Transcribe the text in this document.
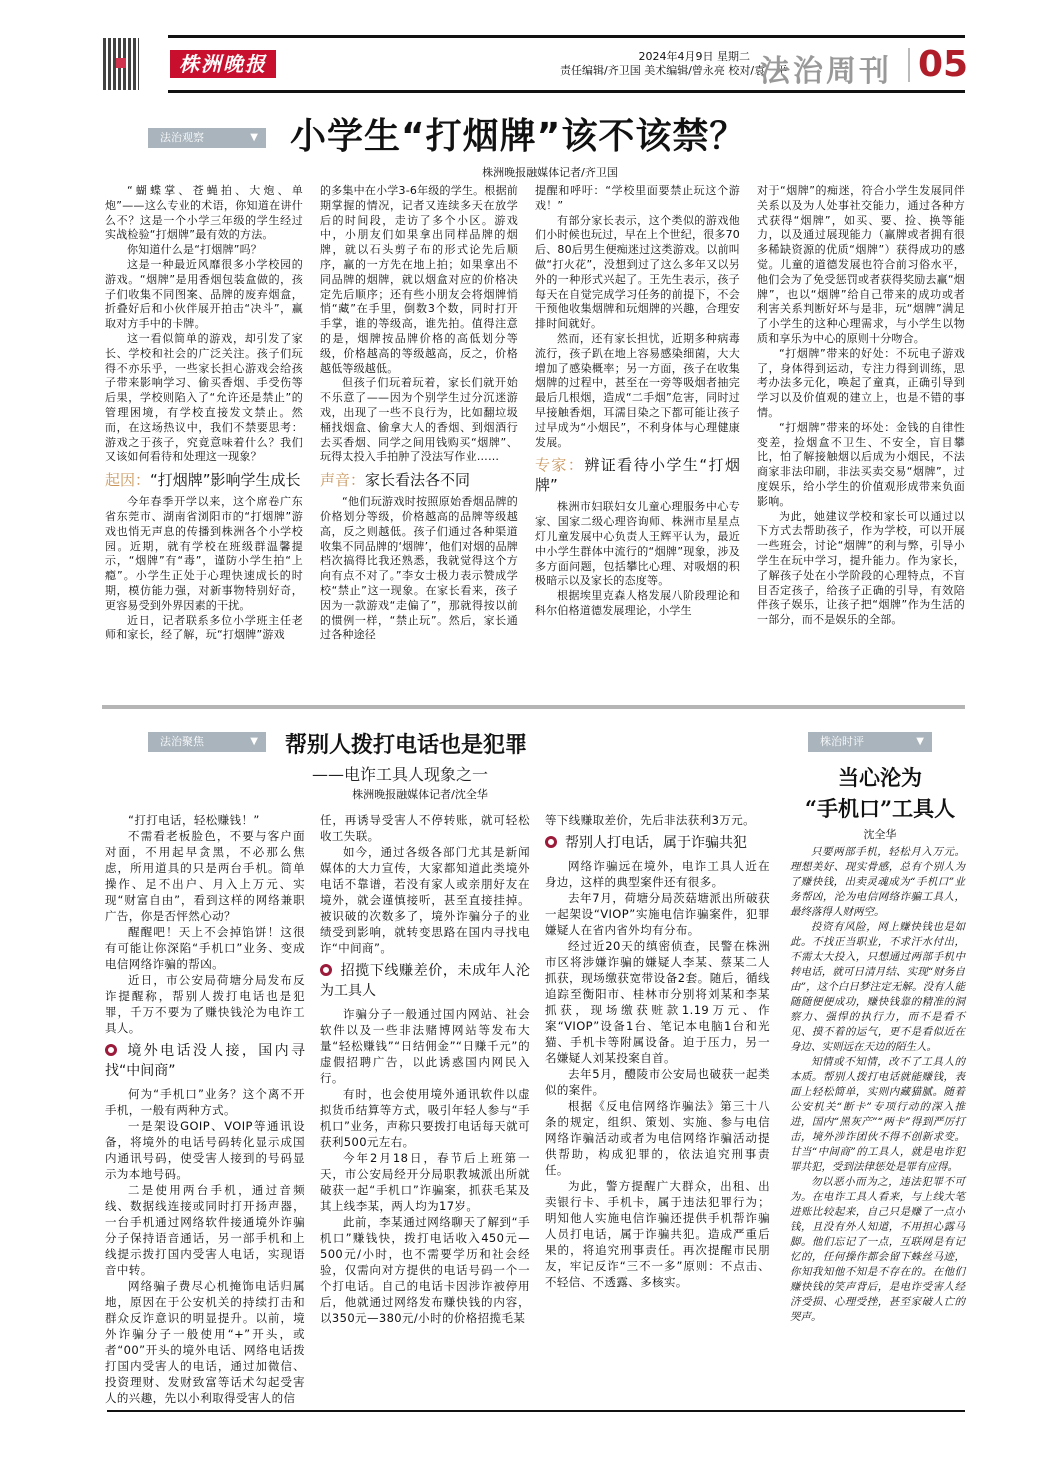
株洲晚报	2024年4月9日 星期二
责任编辑/齐卫国 美术编辑/曾永亮 校对/袁一平
法治周刊 05
法治观察	▼ 小学生“打烟牌”该不该禁？
株洲晚报融媒体记者/齐卫国

“蝴蝶掌、苍蝇拍、大炮、单炮”——这么专业的术语，你知道在讲什么不？这是一个小学三年级的学生经过实战检验“打烟牌”最有效的方法。

你知道什么是“打烟牌”吗？

这是一种最近风靡很多小学校园的游戏。“烟牌”是用香烟包装盒做的，孩子们收集不同图案、品牌的废弃烟盒，折叠好后和小伙伴展开拍击“决斗”，赢取对方手中的卡牌。

这一看似简单的游戏，却引发了家长、学校和社会的广泛关注。孩子们玩得不亦乐乎，一些家长担心游戏会给孩子带来影响学习、偷买香烟、手受伤等后果，学校则陷入了“允许还是禁止”的管理困境，有学校直接发文禁止。然而，在这场热议中，我们不禁要思考：游戏之于孩子，究竟意味着什么？我们又该如何看待和处理这一现象？

起因：“打烟牌”影响学生成长

今年春季开学以来，这个席卷广东省东莞市、湖南省浏阳市的“打烟牌”游戏也悄无声息的传播到株洲各个小学校园。近期，就有学校在班级群温馨提示，“烟牌”有“毒”，谨防小学生拍“上瘾”。小学生正处于心理快速成长的时期，模仿能力强，对新事物特别好奇，更容易受到外界因素的干扰。

近日，记者联系多位小学班主任老师和家长，经了解，玩“打烟牌”游戏

的多集中在小学3-6年级的学生。根据前期掌握的情况，记者又连续多天在放学后的时间段，走访了多个小区。游戏中，小朋友们如果拿出同样品牌的烟牌，就以石头剪子布的形式论先后顺序，赢的一方先在地上拍；如果拿出不同品牌的烟牌，就以烟盒对应的价格决定先后顺序；还有些小朋友会将烟牌悄悄“藏”在手里，倒数3个数，同时打开手掌，谁的等级高，谁先拍。值得注意的是，烟牌按品牌价格的高低划分等级，价格越高的等级越高，反之，价格越低等级越低。

但孩子们玩着玩着，家长们就开始不乐意了——因为个别学生过分沉迷游戏，出现了一些不良行为，比如翻垃圾桶找烟盒、偷拿大人的香烟、到烟酒行去买香烟、同学之间用钱购买“烟牌”、玩得太投入手拍肿了没法写作业……

声音：家长看法各不同

“他们玩游戏时按照原始香烟品牌的价格划分等级，价格越高的品牌等级越高，反之则越低。孩子们通过各种渠道收集不同品牌的‘烟牌’，他们对烟的品牌档次搞得比我还熟悉，我就觉得这个方向有点不对了。”李女士极力表示赞成学校“禁止”这一现象。在家长看来，孩子因为一款游戏“走偏了”，那就得按以前的惯例一样，“禁止玩”。然后，家长通过各种途径

提醒和呼吁：“学校里面要禁止玩这个游戏！”

有部分家长表示，这个类似的游戏他们小时候也玩过，早在上个世纪，很多70后、80后男生便痴迷过这类游戏。以前叫做“打火花”，没想到过了这么多年又以另外的一种形式兴起了。王先生表示，孩子每天在自觉完成学习任务的前提下，不会干预他收集烟牌和玩烟牌的兴趣，合理安排时间就好。

然而，还有家长担忧，近期多种病毒流行，孩子趴在地上容易感染细菌，大大增加了感染概率；另一方面，孩子在收集烟牌的过程中，甚至在一旁等吸烟者抽完最后几根烟，造成“二手烟”危害，同时过早接触香烟，耳濡目染之下都可能让孩子过早成为“小烟民”，不利身体与心理健康发展。

专家：辨证看待小学生“打烟牌”

株洲市妇联妇女儿童心理服务中心专家、国家二级心理咨询师、株洲市星星点灯儿童发展中心负责人王辉平认为，最近中小学生群体中流行的“烟牌”现象，涉及多方面问题，包括攀比心理、对吸烟的积极暗示以及家长的态度等。

根据埃里克森人格发展八阶段理论和科尔伯格道德发展理论，小学生

对于“烟牌”的痴迷，符合小学生发展同伴关系以及为人处事社交能力，通过各种方式获得“烟牌”，如买、要、捡、换等能力，以及通过展现能力（赢牌或者拥有很多稀缺资源的优质“烟牌”）获得成功的感觉。儿童的道德发展也符合前习俗水平，他们会为了免受惩罚或者获得奖励去赢“烟牌”，也以“烟牌”给自己带来的成功或者利害关系判断好坏与是非，玩“烟牌”满足了小学生的这种心理需求，与小学生以物质和享乐为中心的原则十分吻合。

“打烟牌”带来的好处：不玩电子游戏了，身体得到运动，专注力得到训练，思考办法多元化，唤起了童真，正确引导到学习以及价值观的建立上，也是不错的事情。

“打烟牌”带来的坏处：金钱的自律性变差，捡烟盒不卫生、不安全，盲目攀比，怕了解接触烟以后成为小烟民，不法商家非法印刷，非法买卖交易“烟牌”，过度娱乐，给小学生的价值观形成带来负面影响。

为此，她建议学校和家长可以通过以下方式去帮助孩子，作为学校，可以开展一些班会，讨论“烟牌”的利与弊，引导小学生在玩中学习，提升能力。作为家长，了解孩子处在小学阶段的心理特点，不盲目否定孩子，给孩子正确的引导，有效陪伴孩子娱乐，让孩子把“烟牌”作为生活的一部分，而不是娱乐的全部。

法治聚焦	▼ 帮别人拨打电话也是犯罪
——电诈工具人现象之一
株洲晚报融媒体记者/沈全华

“打打电话，轻松赚钱！”

不需看老板脸色，不要与客户面对面，不用起早贪黑，不必那么焦虑，所用道具的只是两台手机。简单操作、足不出户、月入上万元、实现“财富自由”，看到这样的网络兼职广告，你是否怦然心动？

醒醒吧！天上不会掉馅饼！这很有可能让你深陷“手机口”业务、变成电信网络诈骗的帮凶。

近日，市公安局荷塘分局发布反诈提醒称，帮别人拨打电话也是犯罪，千万不要为了赚快钱沦为电诈工具人。

境外电话没人接，国内寻找“中间商”

何为“手机口”业务？这个离不开手机，一般有两种方式。

一是架设GOIP、VOIP等通讯设备，将境外的电话号码转化显示成国内通讯号码，使受害人接到的号码显示为本地号码。

二是使用两台手机，通过音频线、数据线连接或同时打开扬声器，一台手机通过网络软件接通境外诈骗分子保持语音通话，另一部手机和上线提示拨打国内受害人电话，实现语音中转。

网络骗子费尽心机掩饰电话归属地，原因在于公安机关的持续打击和群众反诈意识的明显提升。以前，境外诈骗分子一般使用“+”开头，或者“00”开头的境外电话、网络电话拨打国内受害人的电话，通过加微信、投资理财、发财致富等话术勾起受害人的兴趣，先以小利取得受害人的信

任，再诱导受害人不停转账，就可轻松收工失联。

如今，通过各级各部门尤其是新闻媒体的大力宣传，大家都知道此类境外电话不靠谱，若没有家人或亲朋好友在境外，就会谨慎接听，甚至直接挂掉。被识破的次数多了，境外诈骗分子的业绩受到影响，就转变思路在国内寻找电诈“中间商”。

招揽下线赚差价，未成年人沦为工具人

诈骗分子一般通过国内网站、社会软件以及一些非法赌博网站等发布大量“轻松赚钱”“日结佣金”“日赚千元”的虚假招聘广告，以此诱惑国内网民入行。

有时，也会使用境外通讯软件以虚拟货币结算等方式，吸引年轻人参与“手机口”业务，声称只要拨打电话每天就可获利500元左右。

今年2月18日，春节后上班第一天，市公安局经开分局职教城派出所就破获一起“手机口”诈骗案，抓获毛某及其上线李某，两人均为17岁。

此前，李某通过网络聊天了解到“手机口”赚钱快，拨打电话收入450元—500元/小时，也不需要学历和社会经验，仅需向对方提供的电话号码一个一个打电话。自己的电话卡因涉诈被停用后，他就通过网络发布赚快钱的内容，以350元—380元/小时的价格招揽毛某

等下线赚取差价，先后非法获利3万元。

帮别人打电话，属于诈骗共犯

网络诈骗远在境外，电诈工具人近在身边，这样的典型案件还有很多。

去年7月，荷塘分局茨菇塘派出所破获一起架设“VIOP”实施电信诈骗案件，犯罪嫌疑人在省内省外均有分布。

经过近20天的缜密侦查，民警在株洲市区将涉嫌诈骗的嫌疑人李某、蔡某二人抓获，现场缴获宽带设备2套。随后，循线追踪至衡阳市、桂林市分别将刘某和李某抓获，现场缴获赃款1.19万元、作案“VIOP”设备1台、笔记本电脑1台和光猫、手机卡等附属设备。迫于压力，另一名嫌疑人刘某投案自首。

去年5月，醴陵市公安局也破获一起类似的案件。

根据《反电信网络诈骗法》第三十八条的规定，组织、策划、实施、参与电信网络诈骗活动或者为电信网络诈骗活动提供帮助，构成犯罪的，依法追究刑事责任。

为此，警方提醒广大群众，出租、出卖银行卡、手机卡，属于违法犯罪行为；明知他人实施电信诈骗还提供手机帮诈骗人员打电话，属于诈骗共犯。造成严重后果的，将追究刑事责任。再次提醒市民朋友，牢记反诈“三不一多”原则：不点击、不轻信、不透露、多核实。

株治时评	▼
当心沦为
“手机口”工具人
沈全华

只要两部手机，轻松月入万元。理想美好、现实骨感，总有个别人为了赚快钱，出卖灵魂成为“手机口”业务帮凶，沦为电信网络诈骗工具人，最终落得人财两空。

投资有风险，网上赚快钱也是如此。不找正当职业，不求汗水付出，不需太大投入，只想通过两部手机中转电话，就可日清月结、实现“财务自由”，这个白日梦注定无解。没有人能随随便便成功，赚快钱靠的精准的洞察力、强悍的执行力，而不是看不见、摸不着的运气，更不是看似近在身边、实则远在天边的陌生人。

知情或不知情，改不了工具人的本质。帮别人拨打电话就能赚钱，表面上轻松简单，实则内藏猫腻。随着公安机关“断卡”专项行动的深入推进，国内“黑灰产”“两卡”得到严厉打击，境外涉诈团伙不得不创新求变。甘当“中间商”的工具人，就是电诈犯罪共犯，受到法律惩处是罪有应得。

勿以恶小而为之，违法犯罪不可为。在电诈工具人看来，与上线大笔进账比较起来，自己只是赚了一点小钱，且没有外人知道，不用担心露马脚。他们忘记了一点，互联网是有记忆的，任何操作都会留下蛛丝马迹，你知我知他不知是不存在的。在他们赚快钱的笑声背后，是电诈受害人经济受损、心理受挫，甚至家破人亡的哭声。
